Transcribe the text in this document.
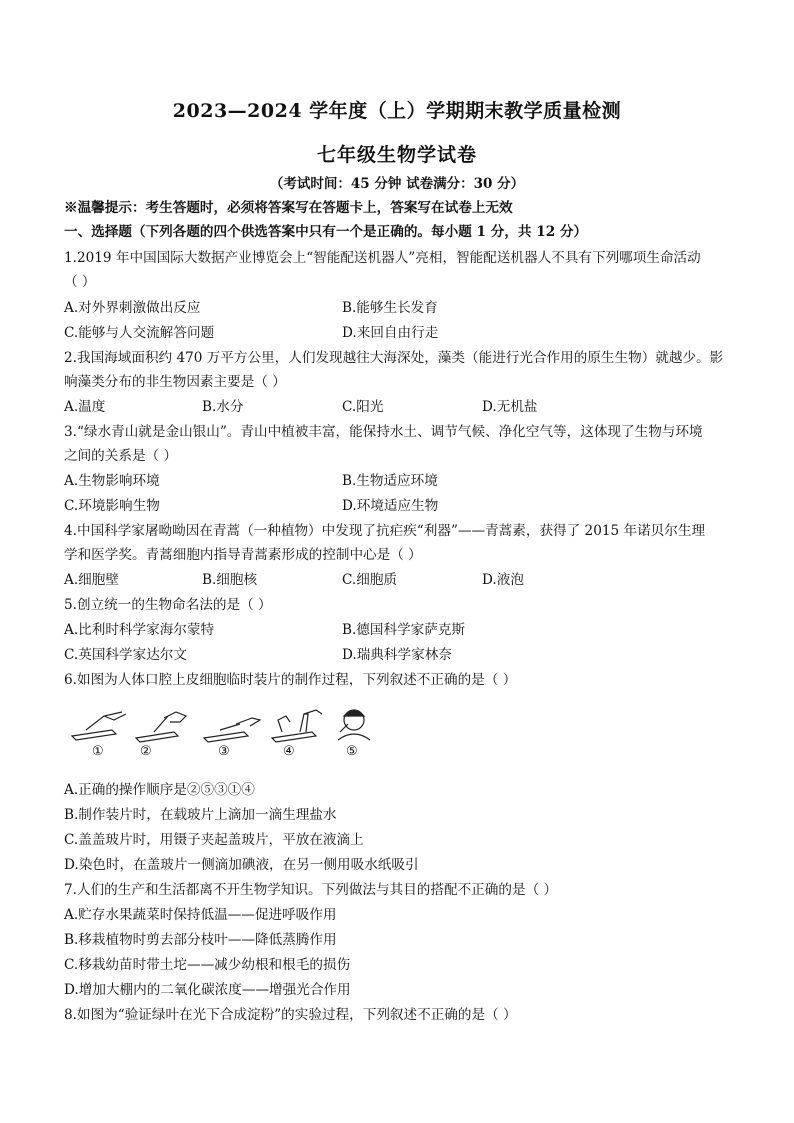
2023—2024 学年度（上）学期期末教学质量检测
七年级生物学试卷
（考试时间：45 分钟 试卷满分：30 分）
※温馨提示：考生答题时，必须将答案写在答题卡上，答案写在试卷上无效
一、选择题（下列各题的四个供选答案中只有一个是正确的。每小题 1 分，共 12 分）
1.2019 年中国国际大数据产业博览会上“智能配送机器人”亮相，智能配送机器人不具有下列哪项生命活动
（ ）
A.对外界刺激做出反应	B.能够生长发育
C.能够与人交流解答问题	D.来回自由行走
2.我国海域面积约 470 万平方公里，人们发现越往大海深处，藻类（能进行光合作用的原生生物）就越少。影
响藻类分布的非生物因素主要是（ ）
A.温度	B.水分	C.阳光	D.无机盐
3.“绿水青山就是金山银山”。青山中植被丰富，能保持水土、调节气候、净化空气等，这体现了生物与环境
之间的关系是（ ）
A.生物影响环境	B.生物适应环境
C.环境影响生物	D.环境适应生物
4.中国科学家屠呦呦因在青蒿（一种植物）中发现了抗疟疾“利器”——青蒿素，获得了 2015 年诺贝尔生理
学和医学奖。青蒿细胞内指导青蒿素形成的控制中心是（ ）
A.细胞壁	B.细胞核	C.细胞质	D.液泡
5.创立统一的生物命名法的是（ ）
A.比利时科学家海尔蒙特	B.德国科学家萨克斯
C.英国科学家达尔文	D.瑞典科学家林奈
6.如图为人体口腔上皮细胞临时装片的制作过程，下列叙述不正确的是（ ）
①	②	③	④	⑤
A.正确的操作顺序是②⑤③①④
B.制作装片时，在载玻片上滴加一滴生理盐水
C.盖盖玻片时，用镊子夹起盖玻片，平放在液滴上
D.染色时，在盖玻片一侧滴加碘液，在另一侧用吸水纸吸引
7.人们的生产和生活都离不开生物学知识。下列做法与其目的搭配不正确的是（ ）
A.贮存水果蔬菜时保持低温——促进呼吸作用
B.移栽植物时剪去部分枝叶——降低蒸腾作用
C.移栽幼苗时带土坨——减少幼根和根毛的损伤
D.增加大棚内的二氧化碳浓度——增强光合作用
8.如图为“验证绿叶在光下合成淀粉”的实验过程，下列叙述不正确的是（ ）
